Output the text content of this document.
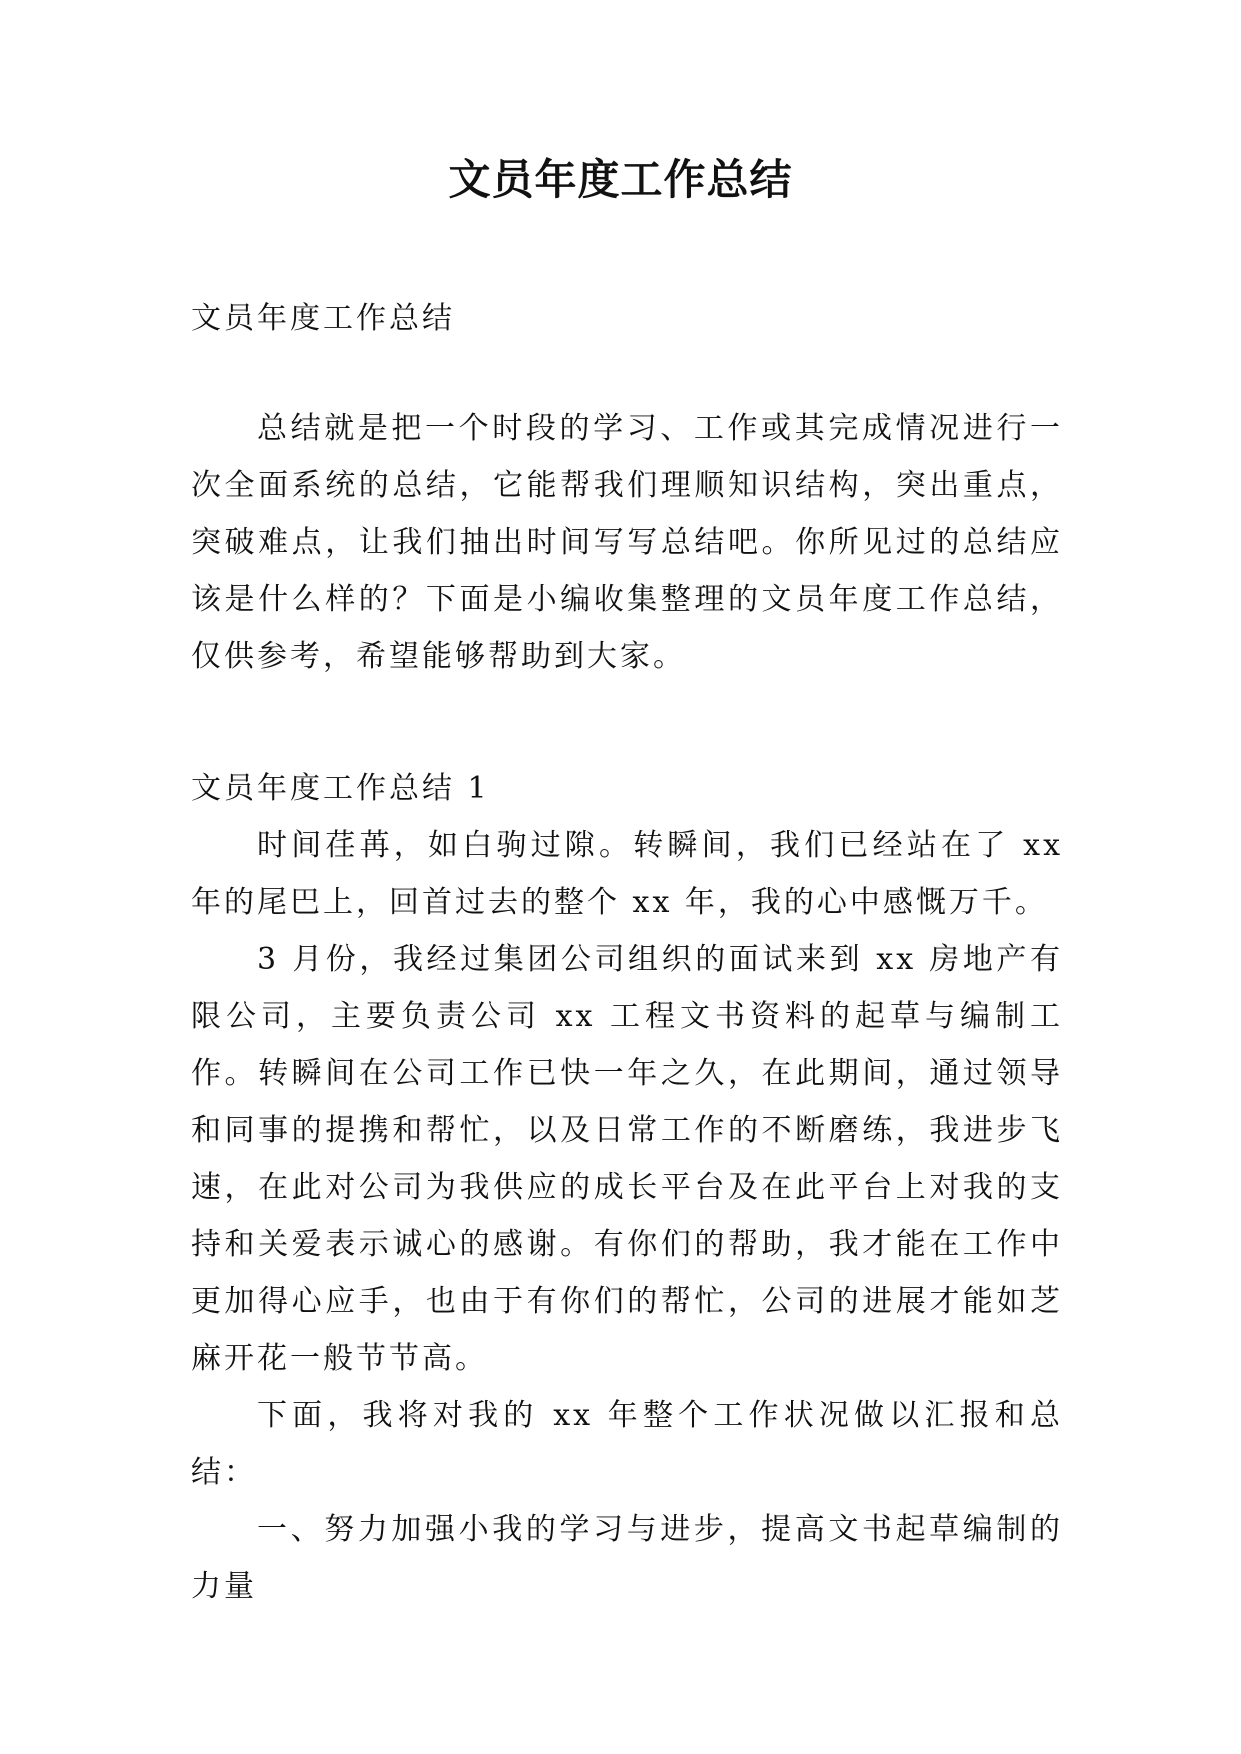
文员年度工作总结
文员年度工作总结
总结就是把一个时段的学习、工作或其完成情况进行一次全面系统的总结，它能帮我们理顺知识结构，突出重点，突破难点，让我们抽出时间写写总结吧。你所见过的总结应该是什么样的？下面是小编收集整理的文员年度工作总结，仅供参考，希望能够帮助到大家。
文员年度工作总结 1

时间荏苒，如白驹过隙。转瞬间，我们已经站在了 xx 年的尾巴上，回首过去的整个 xx 年，我的心中感慨万千。

3 月份，我经过集团公司组织的面试来到 xx 房地产有限公司，主要负责公司 xx 工程文书资料的起草与编制工作。转瞬间在公司工作已快一年之久，在此期间，通过领导和同事的提携和帮忙，以及日常工作的不断磨练，我进步飞速，在此对公司为我供应的成长平台及在此平台上对我的支持和关爱表示诚心的感谢。有你们的帮助，我才能在工作中更加得心应手，也由于有你们的帮忙，公司的进展才能如芝麻开花一般节节高。

下面，我将对我的 xx 年整个工作状况做以汇报和总结：

一、努力加强小我的学习与进步，提高文书起草编制的力量
